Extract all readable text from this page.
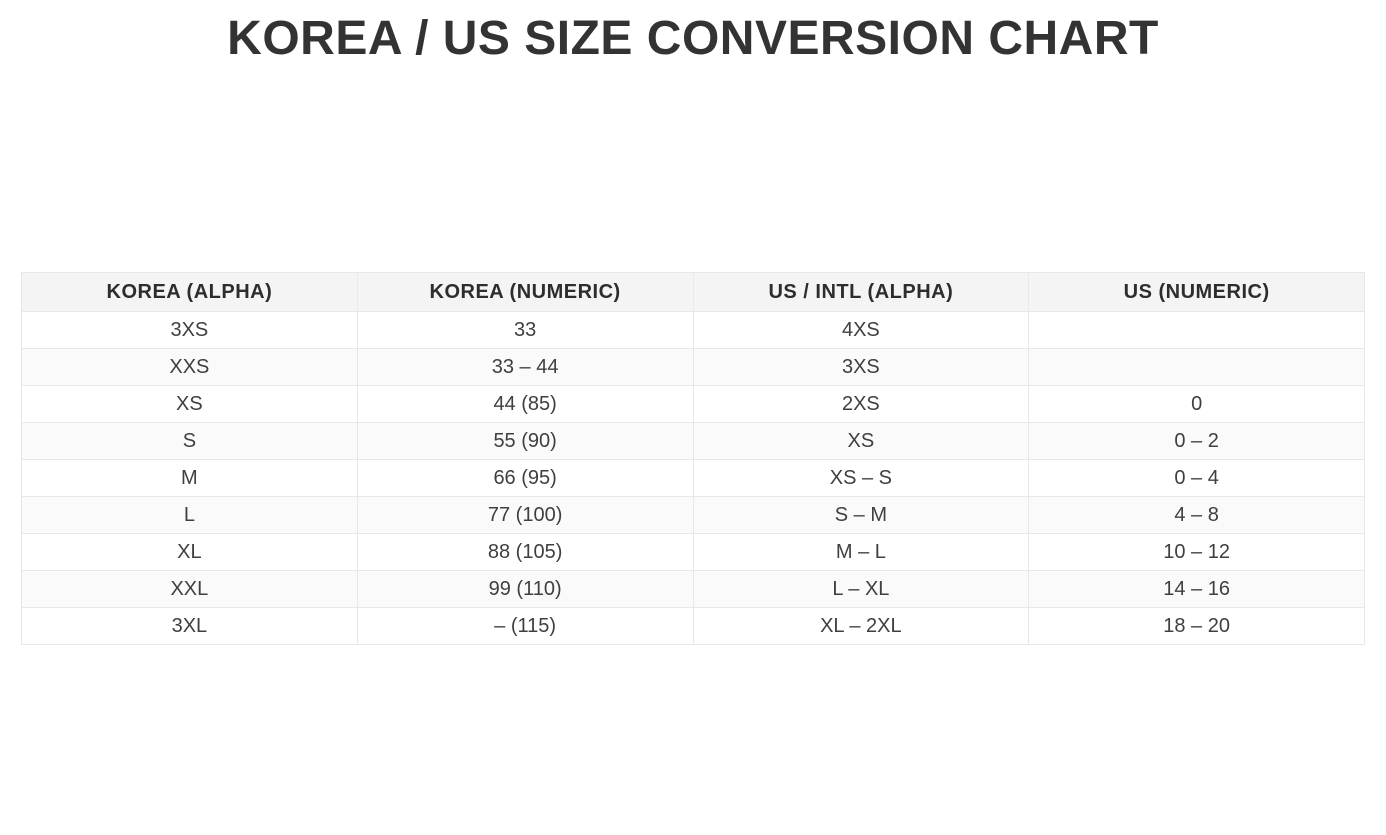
KOREA / US SIZE CONVERSION CHART
KOREA (ALPHA)	KOREA (NUMERIC)	US / INTL (ALPHA)	US (NUMERIC)
3XS	33	4XS	
XXS	33 – 44	3XS	
XS	44 (85)	2XS	0
S	55 (90)	XS	0 – 2
M	66 (95)	XS – S	0 – 4
L	77 (100)	S – M	4 – 8
XL	88 (105)	M – L	10 – 12
XXL	99 (110)	L – XL	14 – 16
3XL	– (115)	XL – 2XL	18 – 20
